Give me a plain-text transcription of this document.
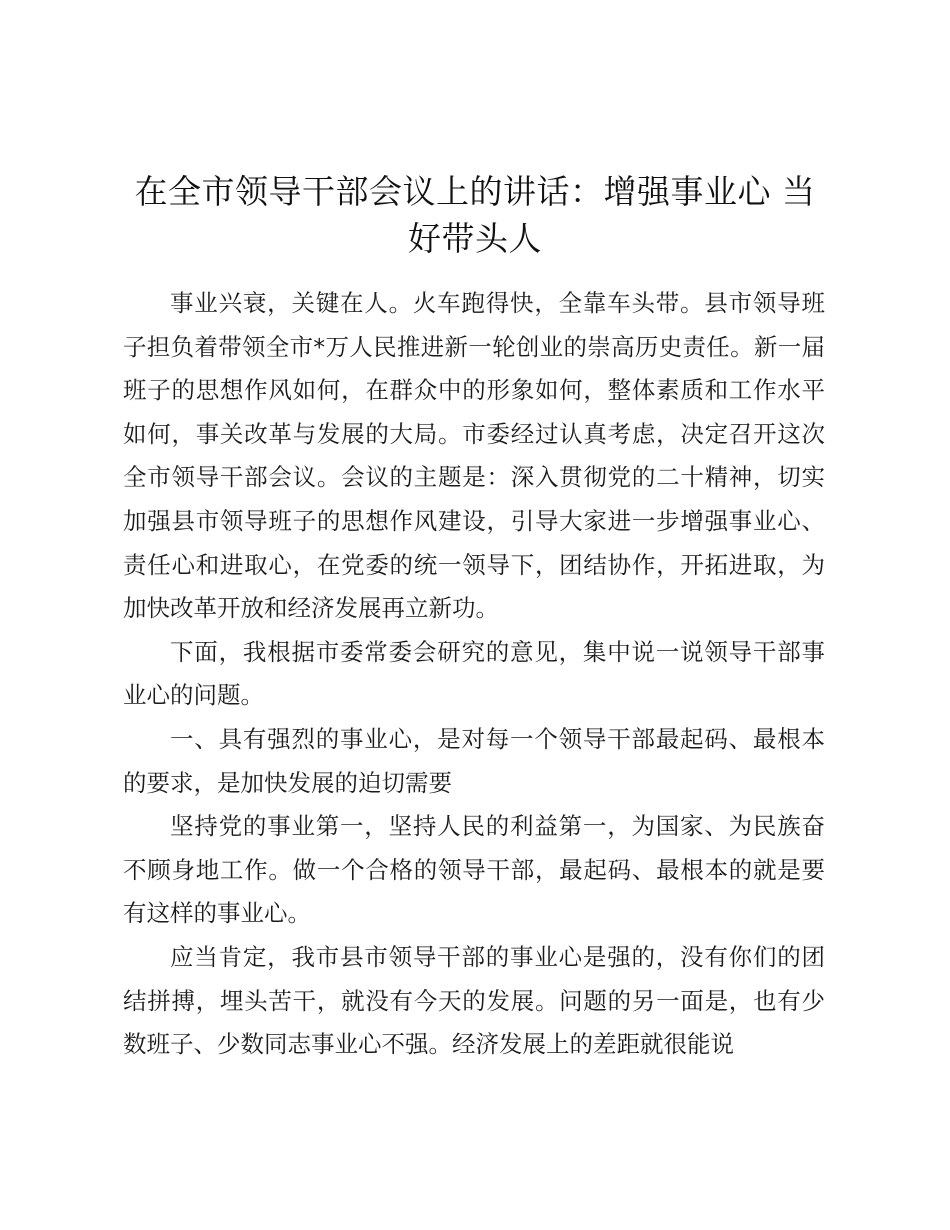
在全市领导干部会议上的讲话：增强事业心 当好带头人

事业兴衰，关键在人。火车跑得快，全靠车头带。县市领导班子担负着带领全市*万人民推进新一轮创业的崇高历史责任。新一届班子的思想作风如何，在群众中的形象如何，整体素质和工作水平如何，事关改革与发展的大局。市委经过认真考虑，决定召开这次全市领导干部会议。会议的主题是：深入贯彻党的二十精神，切实加强县市领导班子的思想作风建设，引导大家进一步增强事业心、责任心和进取心，在党委的统一领导下，团结协作，开拓进取，为加快改革开放和经济发展再立新功。

下面，我根据市委常委会研究的意见，集中说一说领导干部事业心的问题。

一、具有强烈的事业心，是对每一个领导干部最起码、最根本的要求，是加快发展的迫切需要

坚持党的事业第一，坚持人民的利益第一，为国家、为民族奋不顾身地工作。做一个合格的领导干部，最起码、最根本的就是要有这样的事业心。

应当肯定，我市县市领导干部的事业心是强的，没有你们的团结拼搏，埋头苦干，就没有今天的发展。问题的另一面是，也有少数班子、少数同志事业心不强。经济发展上的差距就很能说
